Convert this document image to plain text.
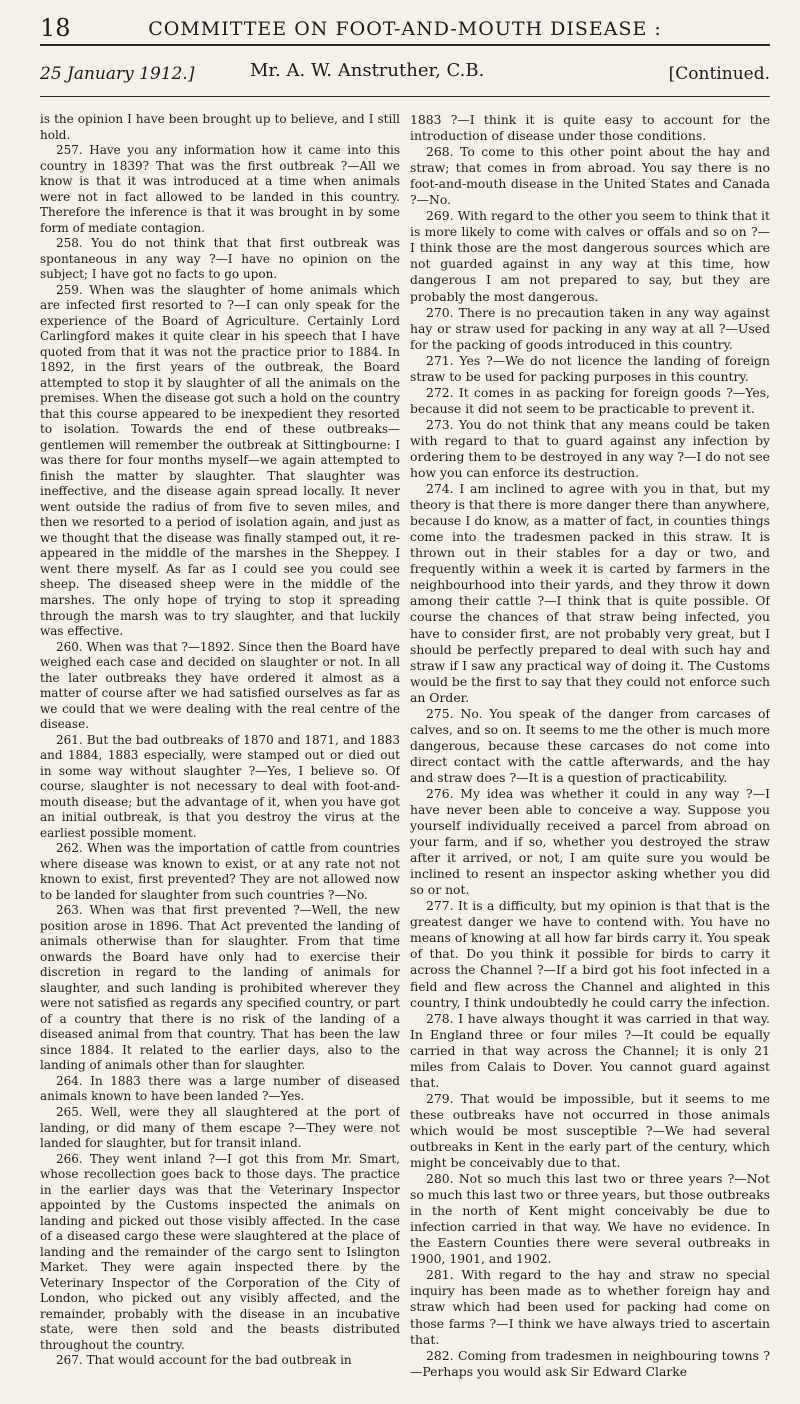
18	COMMITTEE ON FOOT-AND-MOUTH DISEASE :
25 January 1912.]	Mr. A. W. Anstruther, C.B.	[Continued.

is the opinion I have been brought up to believe, and I still hold.

257. Have you any information how it came into this country in 1839? That was the first outbreak ?—All we know is that it was introduced at a time when animals were not in fact allowed to be landed in this country. Therefore the inference is that it was brought in by some form of mediate contagion.

258. You do not think that that first outbreak was spontaneous in any way ?—I have no opinion on the subject; I have got no facts to go upon.

259. When was the slaughter of home animals which are infected first resorted to ?—I can only speak for the experience of the Board of Agriculture. Certainly Lord Carlingford makes it quite clear in his speech that I have quoted from that it was not the practice prior to 1884. In 1892, in the first years of the outbreak, the Board attempted to stop it by slaughter of all the animals on the premises. When the disease got such a hold on the country that this course appeared to be inexpedient they resorted to isolation. Towards the end of these outbreaks—gentlemen will remember the outbreak at Sittingbourne: I was there for four months myself—we again attempted to finish the matter by slaughter. That slaughter was ineffective, and the disease again spread locally. It never went outside the radius of from five to seven miles, and then we resorted to a period of isolation again, and just as we thought that the disease was finally stamped out, it re-appeared in the middle of the marshes in the Sheppey. I went there myself. As far as I could see you could see sheep. The diseased sheep were in the middle of the marshes. The only hope of trying to stop it spreading through the marsh was to try slaughter, and that luckily was effective.

260. When was that ?—1892. Since then the Board have weighed each case and decided on slaughter or not. In all the later outbreaks they have ordered it almost as a matter of course after we had satisfied ourselves as far as we could that we were dealing with the real centre of the disease.

261. But the bad outbreaks of 1870 and 1871, and 1883 and 1884, 1883 especially, were stamped out or died out in some way without slaughter ?—Yes, I believe so. Of course, slaughter is not necessary to deal with foot-and-mouth disease; but the advantage of it, when you have got an initial outbreak, is that you destroy the virus at the earliest possible moment.

262. When was the importation of cattle from countries where disease was known to exist, or at any rate not not known to exist, first prevented? They are not allowed now to be landed for slaughter from such countries ?—No.

263. When was that first prevented ?—Well, the new position arose in 1896. That Act prevented the landing of animals otherwise than for slaughter. From that time onwards the Board have only had to exercise their discretion in regard to the landing of animals for slaughter, and such landing is prohibited wherever they were not satisfied as regards any specified country, or part of a country that there is no risk of the landing of a diseased animal from that country. That has been the law since 1884. It related to the earlier days, also to the landing of animals other than for slaughter.

264. In 1883 there was a large number of diseased animals known to have been landed ?—Yes.

265. Well, were they all slaughtered at the port of landing, or did many of them escape ?—They were not landed for slaughter, but for transit inland.

266. They went inland ?—I got this from Mr. Smart, whose recollection goes back to those days. The practice in the earlier days was that the Veterinary Inspector appointed by the Customs inspected the animals on landing and picked out those visibly affected. In the case of a diseased cargo these were slaughtered at the place of landing and the remainder of the cargo sent to Islington Market. They were again inspected there by the Veterinary Inspector of the Corporation of the City of London, who picked out any visibly affected, and the remainder, probably with the disease in an incubative state, were then sold and the beasts distributed throughout the country.

267. That would account for the bad outbreak in

1883 ?—I think it is quite easy to account for the introduction of disease under those conditions.

268. To come to this other point about the hay and straw; that comes in from abroad. You say there is no foot-and-mouth disease in the United States and Canada ?—No.

269. With regard to the other you seem to think that it is more likely to come with calves or offals and so on ?—I think those are the most dangerous sources which are not guarded against in any way at this time, how dangerous I am not prepared to say, but they are probably the most dangerous.

270. There is no precaution taken in any way against hay or straw used for packing in any way at all ?—Used for the packing of goods introduced in this country.

271. Yes ?—We do not licence the landing of foreign straw to be used for packing purposes in this country.

272. It comes in as packing for foreign goods ?—Yes, because it did not seem to be practicable to prevent it.

273. You do not think that any means could be taken with regard to that to guard against any infection by ordering them to be destroyed in any way ?—I do not see how you can enforce its destruction.

274. I am inclined to agree with you in that, but my theory is that there is more danger there than anywhere, because I do know, as a matter of fact, in counties things come into the tradesmen packed in this straw. It is thrown out in their stables for a day or two, and frequently within a week it is carted by farmers in the neighbourhood into their yards, and they throw it down among their cattle ?—I think that is quite possible. Of course the chances of that straw being infected, you have to consider first, are not probably very great, but I should be perfectly prepared to deal with such hay and straw if I saw any practical way of doing it. The Customs would be the first to say that they could not enforce such an Order.

275. No. You speak of the danger from carcases of calves, and so on. It seems to me the other is much more dangerous, because these carcases do not come into direct contact with the cattle afterwards, and the hay and straw does ?—It is a question of practicability.

276. My idea was whether it could in any way ?—I have never been able to conceive a way. Suppose you yourself individually received a parcel from abroad on your farm, and if so, whether you destroyed the straw after it arrived, or not, I am quite sure you would be inclined to resent an inspector asking whether you did so or not.

277. It is a difficulty, but my opinion is that that is the greatest danger we have to contend with. You have no means of knowing at all how far birds carry it. You speak of that. Do you think it possible for birds to carry it across the Channel ?—If a bird got his foot infected in a field and flew across the Channel and alighted in this country, I think undoubtedly he could carry the infection.

278. I have always thought it was carried in that way. In England three or four miles ?—It could be equally carried in that way across the Channel; it is only 21 miles from Calais to Dover. You cannot guard against that.

279. That would be impossible, but it seems to me these outbreaks have not occurred in those animals which would be most susceptible ?—We had several outbreaks in Kent in the early part of the century, which might be conceivably due to that.

280. Not so much this last two or three years ?—Not so much this last two or three years, but those outbreaks in the north of Kent might conceivably be due to infection carried in that way. We have no evidence. In the Eastern Counties there were several outbreaks in 1900, 1901, and 1902.

281. With regard to the hay and straw no special inquiry has been made as to whether foreign hay and straw which had been used for packing had come on those farms ?—I think we have always tried to ascertain that.

282. Coming from tradesmen in neighbouring towns ?—Perhaps you would ask Sir Edward Clarke
